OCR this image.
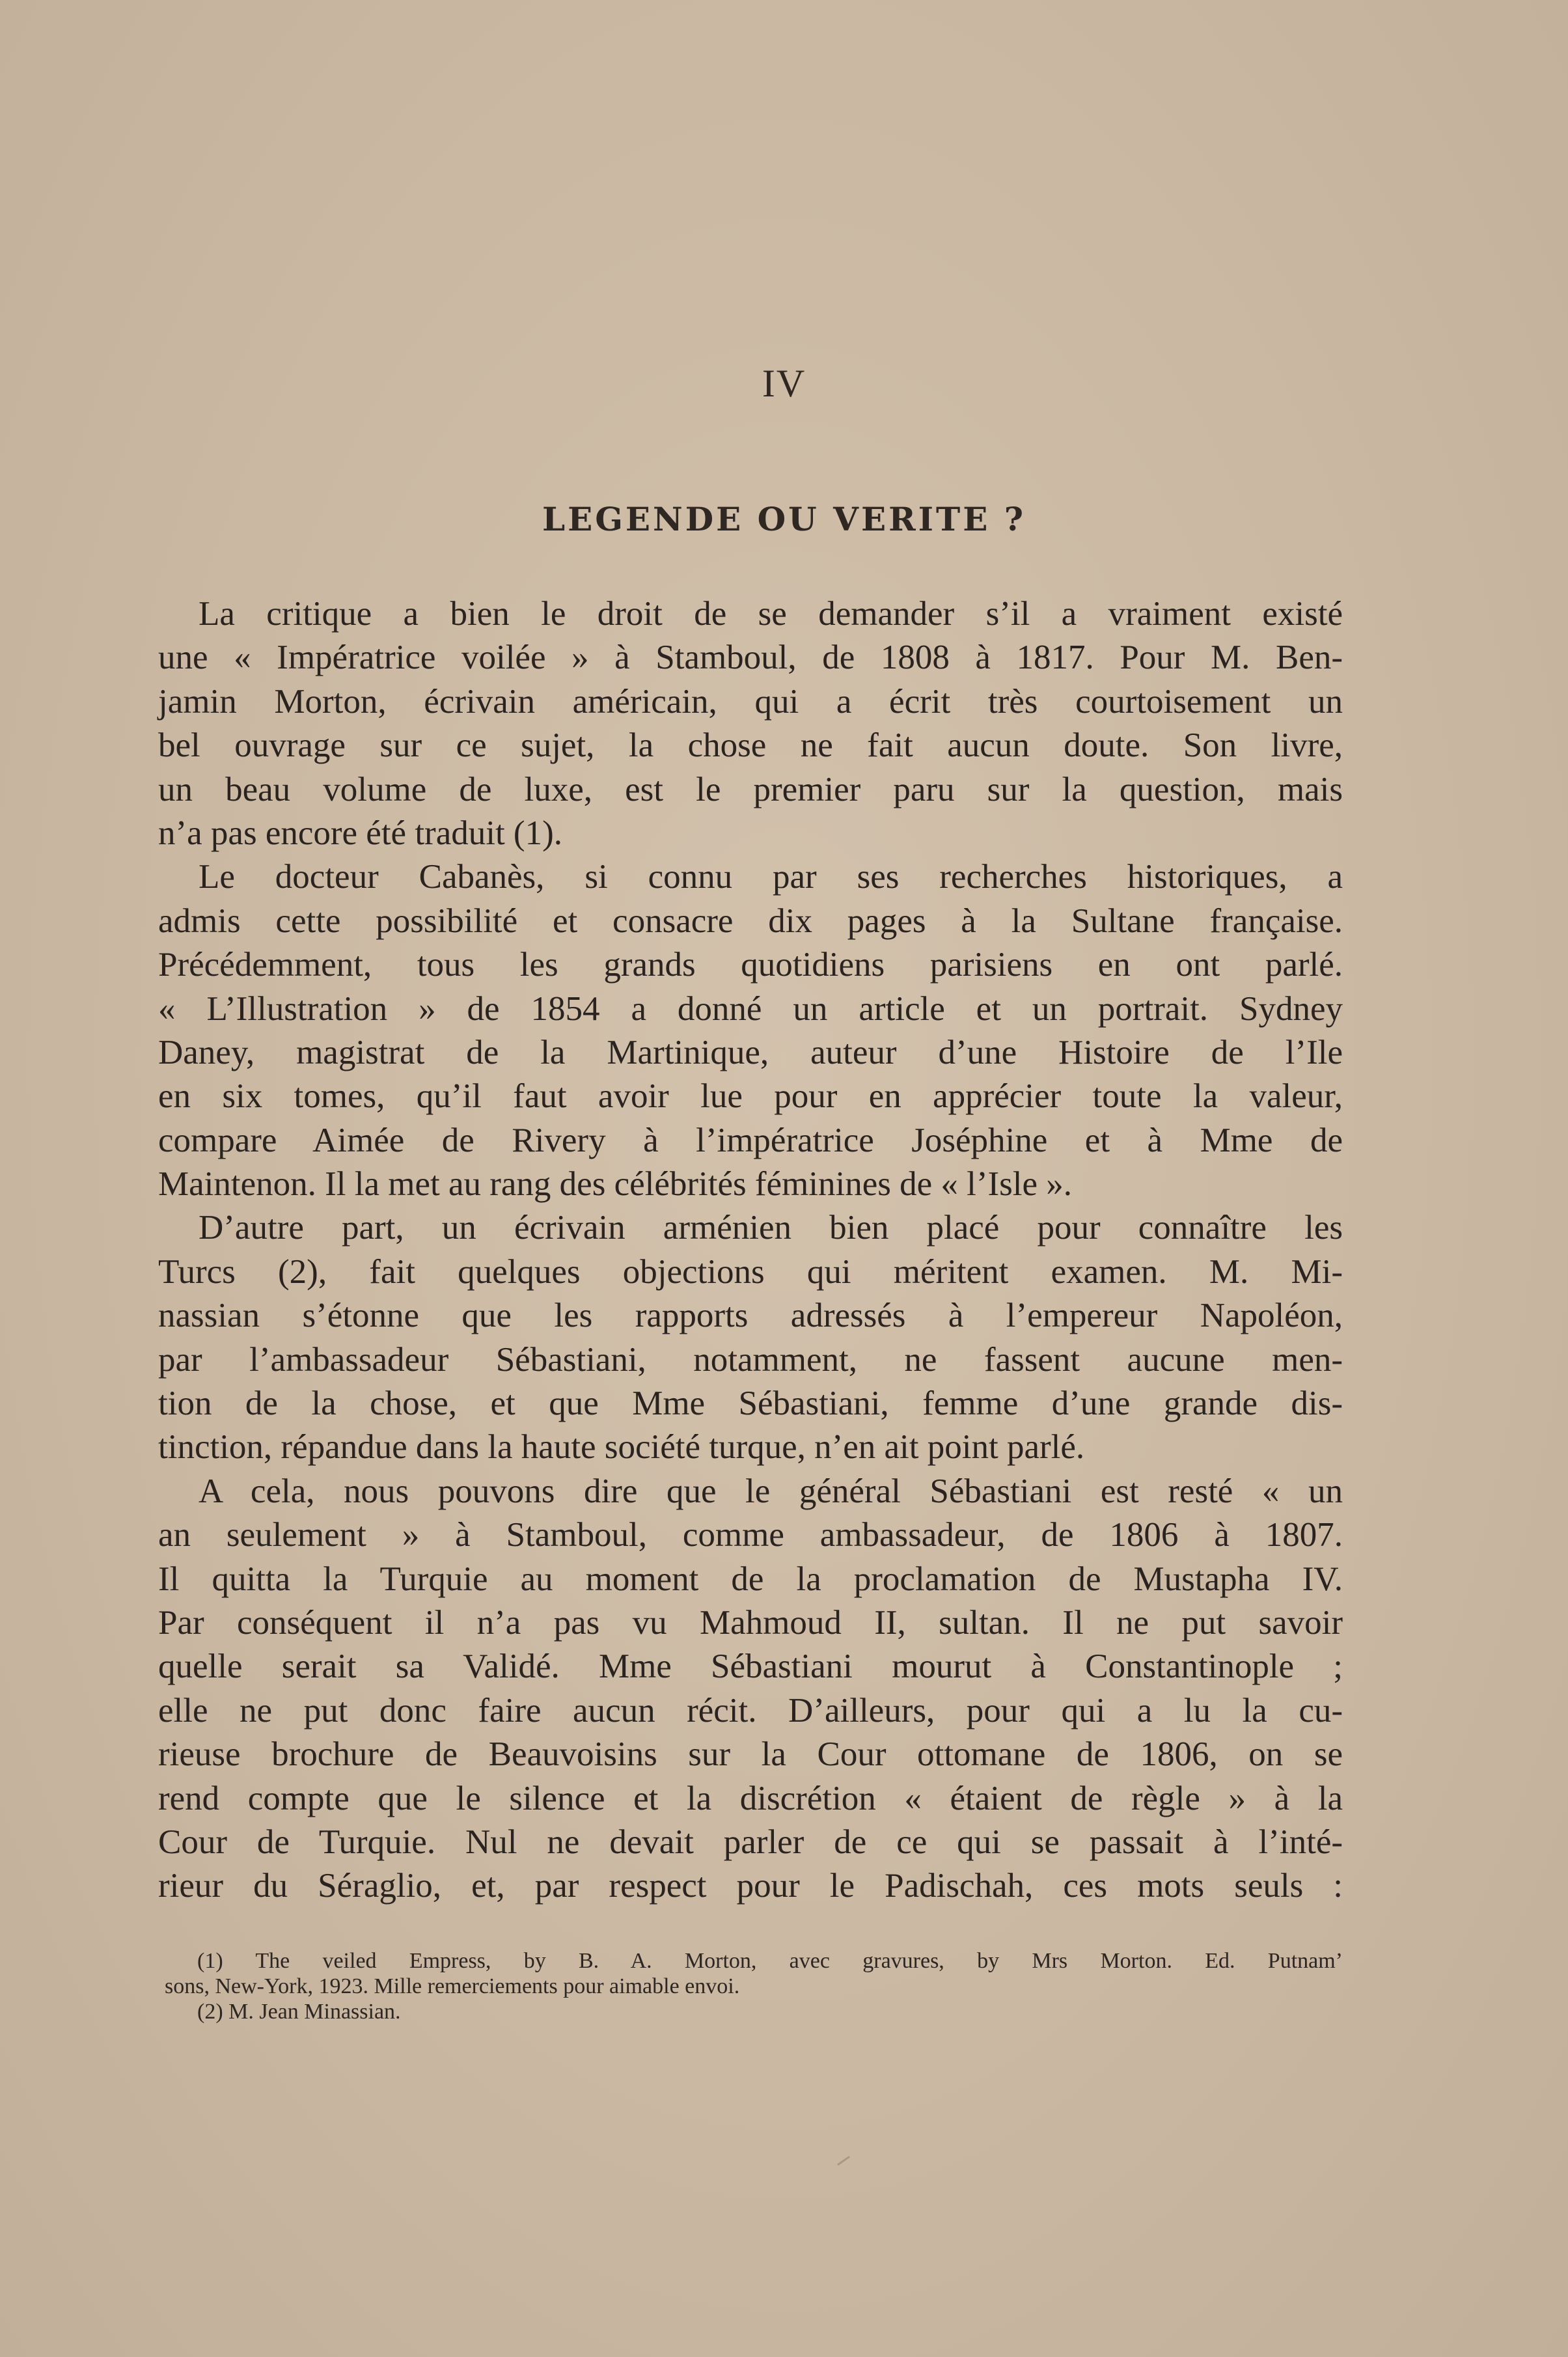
IV
LEGENDE OU VERITE ?
La critique a bien le droit de se demander s’il a vraiment existé
une « Impératrice voilée » à Stamboul, de 1808 à 1817. Pour M. Ben-
jamin Morton, écrivain américain, qui a écrit très courtoisement un
bel ouvrage sur ce sujet, la chose ne fait aucun doute. Son livre,
un beau volume de luxe, est le premier paru sur la question, mais
n’a pas encore été traduit (1).
Le docteur Cabanès, si connu par ses recherches historiques, a
admis cette possibilité et consacre dix pages à la Sultane française.
Précédemment, tous les grands quotidiens parisiens en ont parlé.
« L’Illustration » de 1854 a donné un article et un portrait. Sydney
Daney, magistrat de la Martinique, auteur d’une Histoire de l’Ile
en six tomes, qu’il faut avoir lue pour en apprécier toute la valeur,
compare Aimée de Rivery à l’impératrice Joséphine et à Mme de
Maintenon. Il la met au rang des célébrités féminines de « l’Isle ».
D’autre part, un écrivain arménien bien placé pour connaître les
Turcs (2), fait quelques objections qui méritent examen. M. Mi-
nassian s’étonne que les rapports adressés à l’empereur Napoléon,
par l’ambassadeur Sébastiani, notamment, ne fassent aucune men-
tion de la chose, et que Mme Sébastiani, femme d’une grande dis-
tinction, répandue dans la haute société turque, n’en ait point parlé.
A cela, nous pouvons dire que le général Sébastiani est resté « un
an seulement » à Stamboul, comme ambassadeur, de 1806 à 1807.
Il quitta la Turquie au moment de la proclamation de Mustapha IV.
Par conséquent il n’a pas vu Mahmoud II, sultan. Il ne put savoir
quelle serait sa Validé. Mme Sébastiani mourut à Constantinople ;
elle ne put donc faire aucun récit. D’ailleurs, pour qui a lu la cu-
rieuse brochure de Beauvoisins sur la Cour ottomane de 1806, on se
rend compte que le silence et la discrétion « étaient de règle » à la
Cour de Turquie. Nul ne devait parler de ce qui se passait à l’inté-
rieur du Séraglio, et, par respect pour le Padischah, ces mots seuls :
(1) The veiled Empress, by B. A. Morton, avec gravures, by Mrs Morton. Ed. Putnam’
sons, New-York, 1923. Mille remerciements pour aimable envoi.
(2) M. Jean Minassian.
